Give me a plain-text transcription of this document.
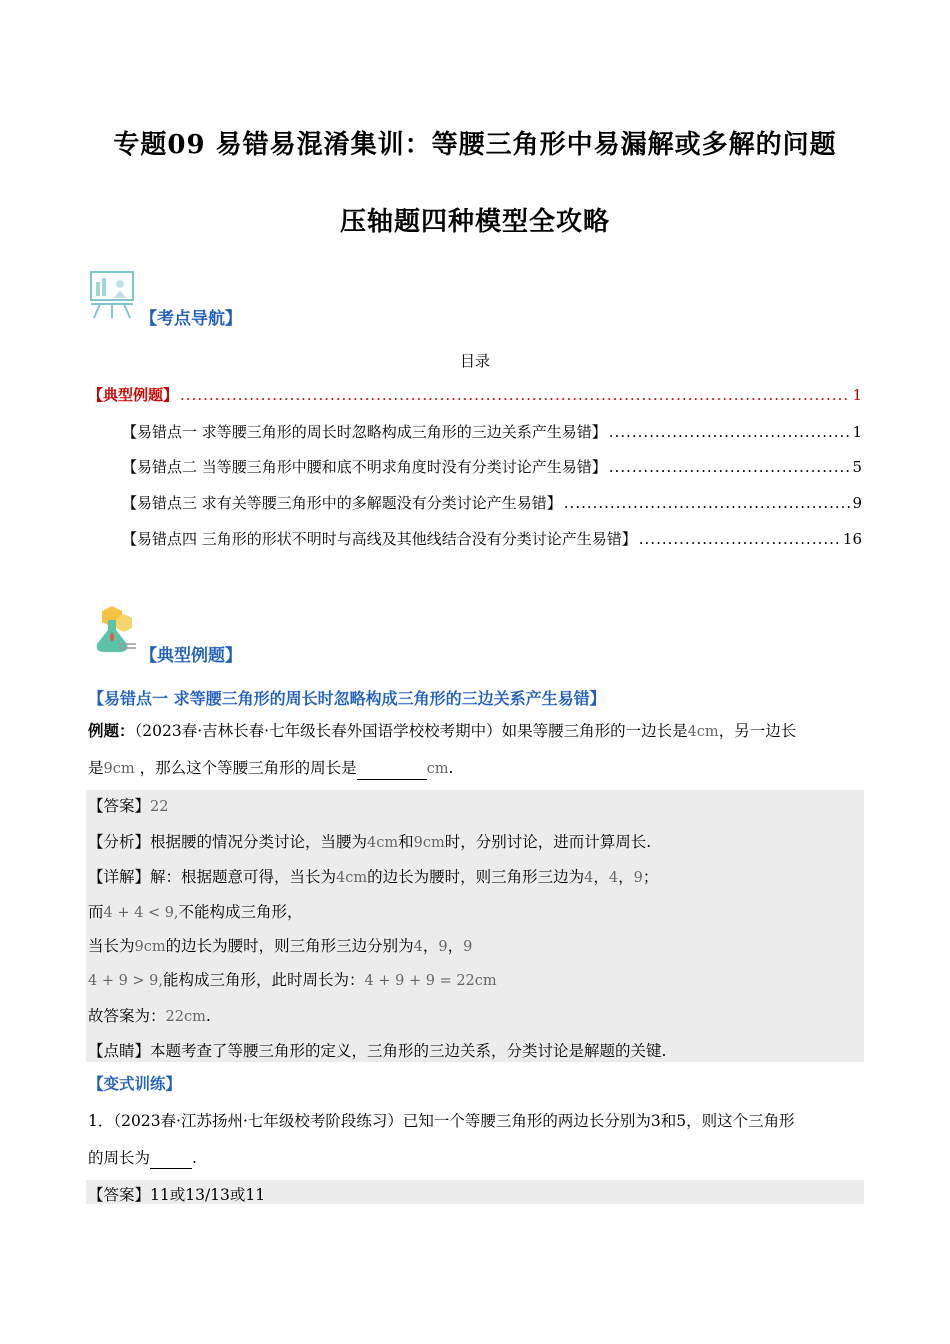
专题09 易错易混淆集训：等腰三角形中易漏解或多解的问题
压轴题四种模型全攻略
【考点导航】
目录
【典型例题】 .....	1
【易错点一 求等腰三角形的周长时忽略构成三角形的三边关系产生易错】 .....	1
【易错点二 当等腰三角形中腰和底不明求角度时没有分类讨论产生易错】 .....	5
【易错点三 求有关等腰三角形中的多解题没有分类讨论产生易错】 .....	9
【易错点四 三角形的形状不明时与高线及其他线结合没有分类讨论产生易错】 .....	16
【典型例题】
【易错点一 求等腰三角形的周长时忽略构成三角形的三边关系产生易错】
例题：（2023春·吉林长春·七年级长春外国语学校校考期中）如果等腰三角形的一边长是4cm，另一边长
是9cm ，那么这个等腰三角形的周长是	cm.
【答案】22
【分析】根据腰的情况分类讨论，当腰为4cm和9cm时，分别讨论，进而计算周长.
【详解】解：根据题意可得，当长为4cm的边长为腰时，则三角形三边为4，4，9；
而4 + 4 < 9,不能构成三角形，
当长为9cm的边长为腰时，则三角形三边分别为4，9，9
4 + 9 > 9,能构成三角形，此时周长为：4 + 9 + 9 = 22cm
故答案为：22cm.
【点睛】本题考查了等腰三角形的定义，三角形的三边关系，分类讨论是解题的关键.
【变式训练】
1．（2023春·江苏扬州·七年级校考阶段练习）已知一个等腰三角形的两边长分别为3和5，则这个三角形
的周长为	.
【答案】11或13/13或11
